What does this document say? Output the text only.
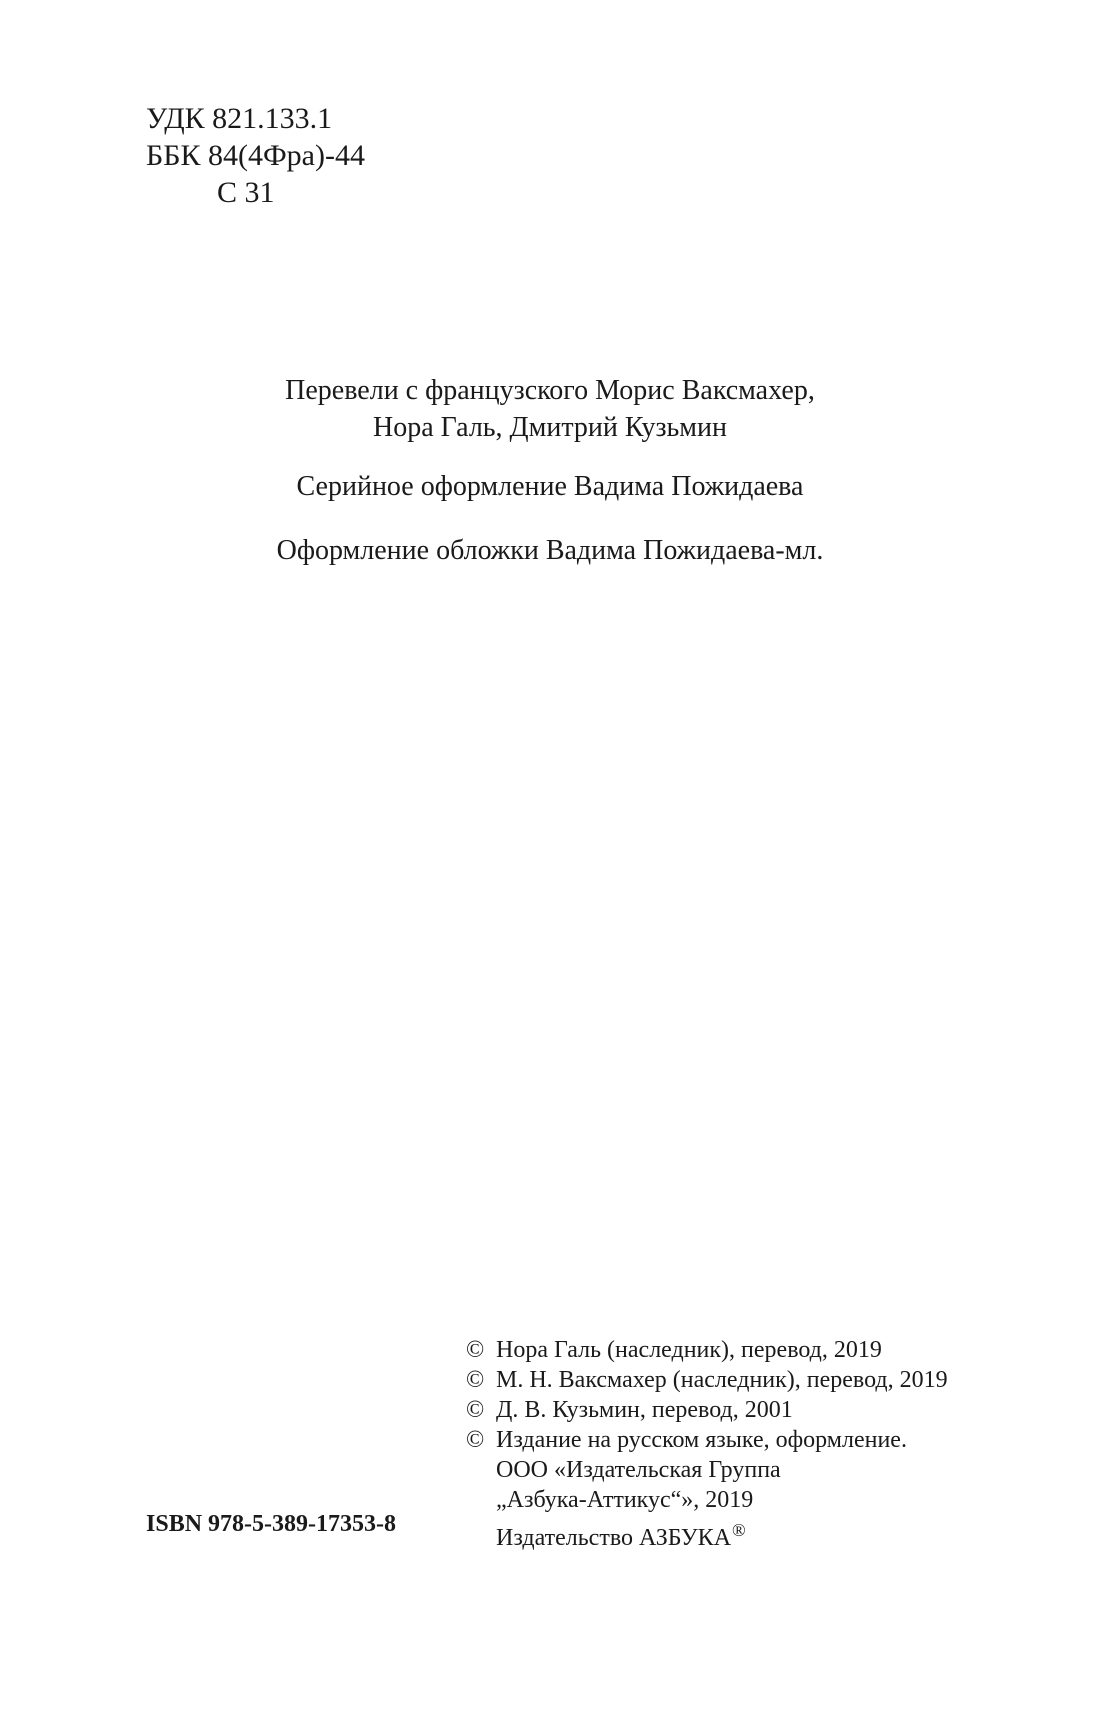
УДК 821.133.1
ББК 84(4Фра)-44
С 31
Перевели с французского Морис Ваксмахер,
Нора Галь, Дмитрий Кузьмин
Серийное оформление Вадима Пожидаева
Оформление обложки Вадима Пожидаева-мл.
© Нора Галь (наследник), перевод, 2019
© М. Н. Ваксмахер (наследник), перевод, 2019
© Д. В. Кузьмин, перевод, 2001
© Издание на русском языке, оформление.
ООО «Издательская Группа
„Азбука-Аттикус“», 2019
Издательство АЗБУКА®
ISBN 978-5-389-17353-8
